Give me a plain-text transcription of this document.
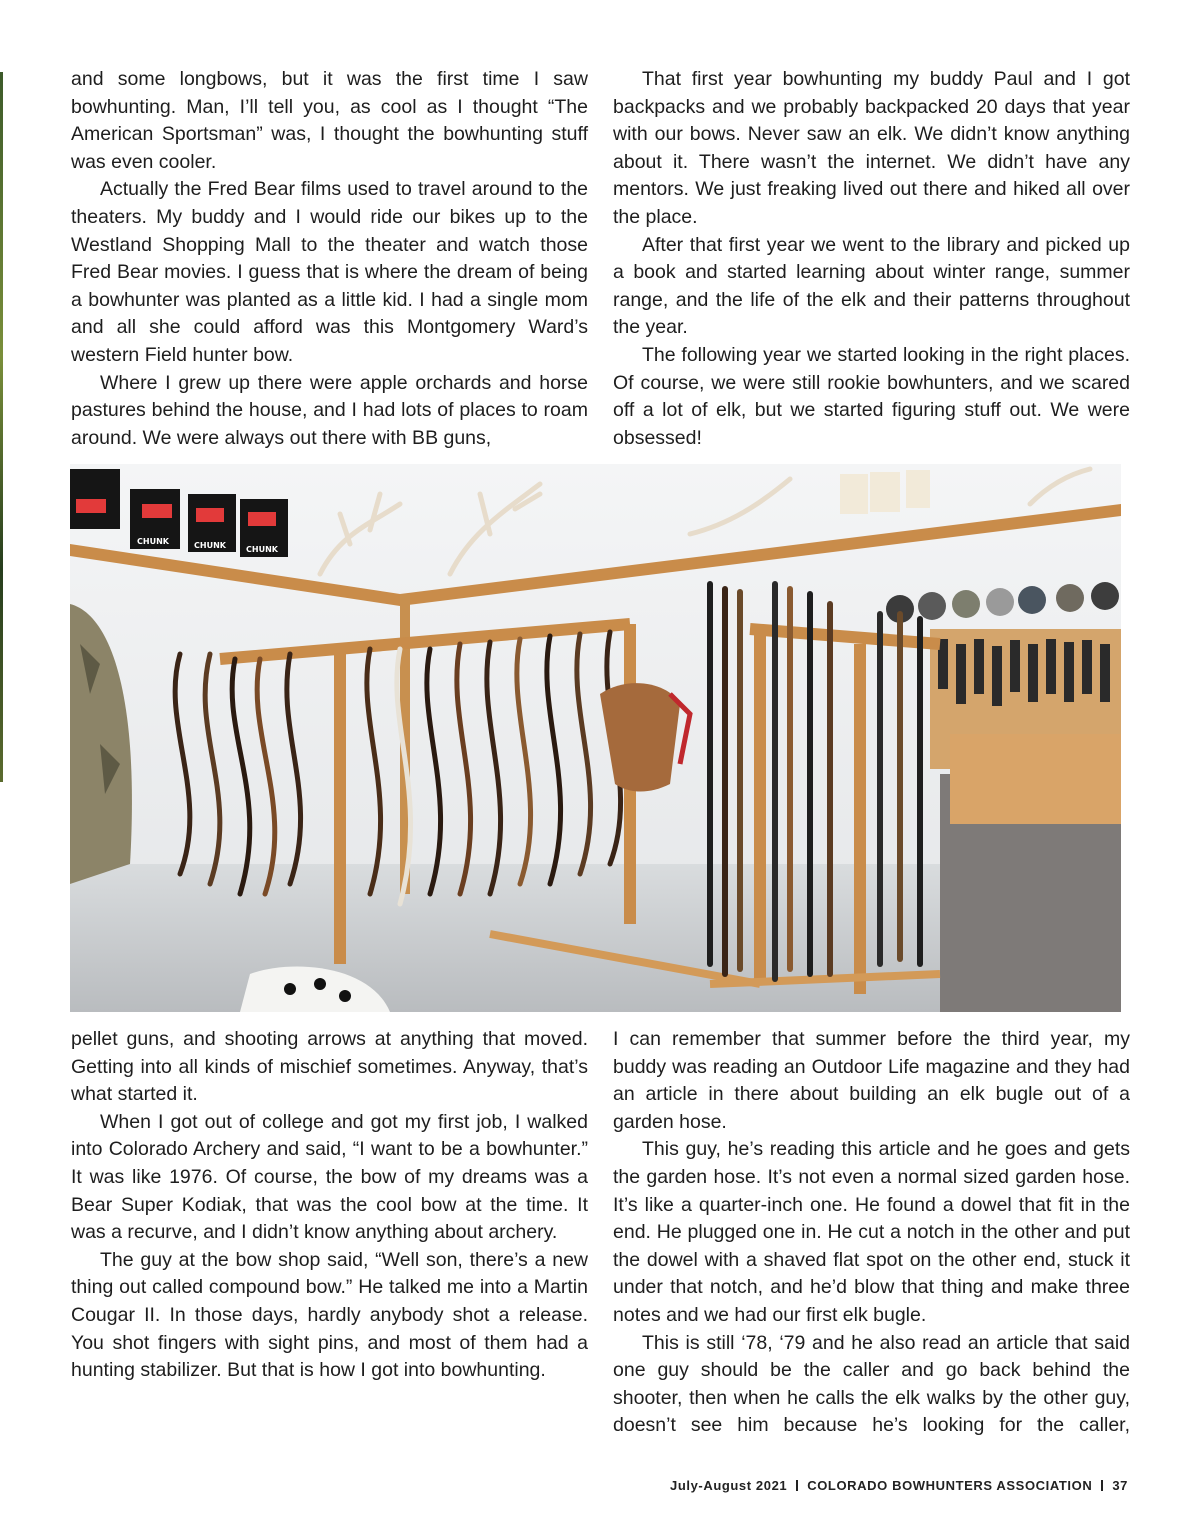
and some longbows, but it was the first time I saw bowhunting. Man, I’ll tell you, as cool as I thought “The American Sportsman” was, I thought the bowhunting stuff was even cooler.

Actually the Fred Bear films used to travel around to the theaters. My buddy and I would ride our bikes up to the Westland Shopping Mall to the theater and watch those Fred Bear movies. I guess that is where the dream of being a bowhunter was planted as a little kid. I had a single mom and all she could afford was this Montgomery Ward’s western Field hunter bow.

Where I grew up there were apple orchards and horse pastures behind the house, and I had lots of places to roam around. We were always out there with BB guns,

That first year bowhunting my buddy Paul and I got backpacks and we probably backpacked 20 days that year with our bows. Never saw an elk. We didn’t know anything about it. There wasn’t the internet. We didn’t have any mentors. We just freaking lived out there and hiked all over the place.

After that first year we went to the library and picked up a book and started learning about winter range, summer range, and the life of the elk and their patterns throughout the year.

The following year we started looking in the right places. Of course, we were still rookie bowhunters, and we scared off a lot of elk, but we started figuring stuff out. We were obsessed!

CHUNK	CHUNK	CHUNK

pellet guns, and shooting arrows at anything that moved. Getting into all kinds of mischief sometimes. Anyway, that’s what started it.

When I got out of college and got my first job, I walked into Colorado Archery and said, “I want to be a bowhunter.” It was like 1976. Of course, the bow of my dreams was a Bear Super Kodiak, that was the cool bow at the time. It was a recurve, and I didn’t know anything about archery.

The guy at the bow shop said, “Well son, there’s a new thing out called compound bow.” He talked me into a Martin Cougar II. In those days, hardly anybody shot a release. You shot fingers with sight pins, and most of them had a hunting stabilizer. But that is how I got into bowhunting.

I can remember that summer before the third year, my buddy was reading an Outdoor Life magazine and they had an article in there about building an elk bugle out of a garden hose.

This guy, he’s reading this article and he goes and gets the garden hose. It’s not even a normal sized garden hose. It’s like a quarter-inch one. He found a dowel that fit in the end. He plugged one in. He cut a notch in the other and put the dowel with a shaved flat spot on the other end, stuck it under that notch, and he’d blow that thing and make three notes and we had our first elk bugle.

This is still ‘78, ‘79 and he also read an article that said one guy should be the caller and go back behind the shooter, then when he calls the elk walks by the other guy, doesn’t see him because he’s looking for the caller,

July-August 2021 COLORADO BOWHUNTERS ASSOCIATION 37
